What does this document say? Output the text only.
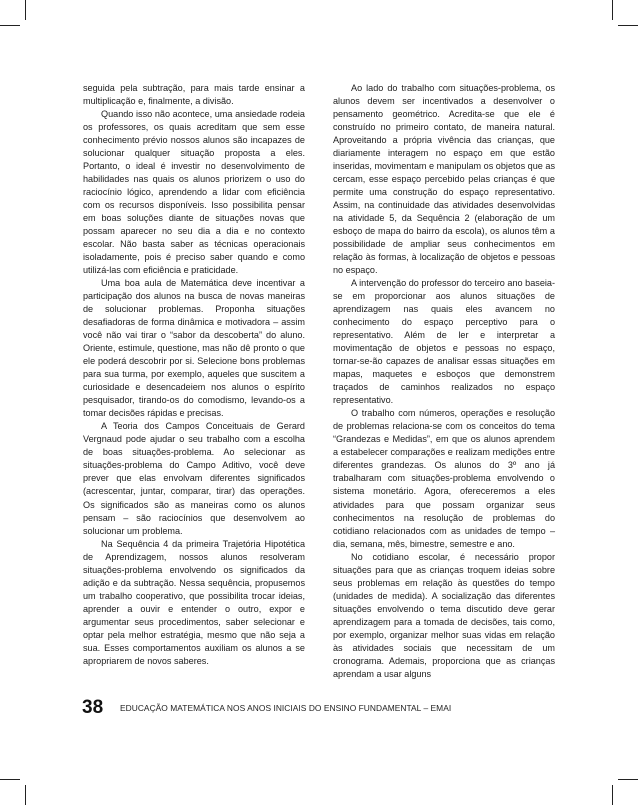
seguida pela subtração, para mais tarde ensinar a multiplicação e, finalmente, a divisão.

Quando isso não acontece, uma ansiedade rodeia os professores, os quais acreditam que sem esse conhecimento prévio nossos alunos são incapazes de solucionar qualquer situação proposta a eles. Portanto, o ideal é investir no desenvolvimento de habilidades nas quais os alunos priorizem o uso do raciocínio lógico, aprendendo a lidar com eficiência com os recursos disponíveis. Isso possibilita pensar em boas soluções diante de situações novas que possam aparecer no seu dia a dia e no contexto escolar. Não basta saber as técnicas operacionais isoladamente, pois é preciso saber quando e como utilizá-las com eficiência e praticidade.

Uma boa aula de Matemática deve incentivar a participação dos alunos na busca de novas maneiras de solucionar problemas. Proponha situações desafiadoras de forma dinâmica e motivadora – assim você não vai tirar o “sabor da descoberta” do aluno. Oriente, estimule, questione, mas não dê pronto o que ele poderá descobrir por si. Selecione bons problemas para sua turma, por exemplo, aqueles que suscitem a curiosidade e desencadeiem nos alunos o espírito pesquisador, tirando-os do comodismo, levando-os a tomar decisões rápidas e precisas.

A Teoria dos Campos Conceituais de Gerard Vergnaud pode ajudar o seu trabalho com a escolha de boas situações-problema. Ao selecionar as situações-problema do Campo Aditivo, você deve prever que elas envolvam diferentes significados (acrescentar, juntar, comparar, tirar) das operações. Os significados são as maneiras como os alunos pensam – são raciocínios que desenvolvem ao solucionar um problema.

Na Sequência 4 da primeira Trajetória Hipotética de Aprendizagem, nossos alunos resolveram situações-problema envolvendo os significados da adição e da subtração. Nessa sequência, propusemos um trabalho cooperativo, que possibilita trocar ideias, aprender a ouvir e entender o outro, expor e argumentar seus procedimentos, saber selecionar e optar pela melhor estratégia, mesmo que não seja a sua. Esses comportamentos auxiliam os alunos a se apropriarem de novos saberes.

Ao lado do trabalho com situações-problema, os alunos devem ser incentivados a desenvolver o pensamento geométrico. Acredita-se que ele é construído no primeiro contato, de maneira natural. Aproveitando a própria vivência das crianças, que diariamente interagem no espaço em que estão inseridas, movimentam e manipulam os objetos que as cercam, esse espaço percebido pelas crianças é que permite uma construção do espaço representativo. Assim, na continuidade das atividades desenvolvidas na atividade 5, da Sequência 2 (elaboração de um esboço de mapa do bairro da escola), os alunos têm a possibilidade de ampliar seus conhecimentos em relação às formas, à localização de objetos e pessoas no espaço.

A intervenção do professor do terceiro ano baseia-se em proporcionar aos alunos situações de aprendizagem nas quais eles avancem no conhecimento do espaço perceptivo para o representativo. Além de ler e interpretar a movimentação de objetos e pessoas no espaço, tornar-se-ão capazes de analisar essas situações em mapas, maquetes e esboços que demonstrem traçados de caminhos realizados no espaço representativo.

O trabalho com números, operações e resolução de problemas relaciona-se com os conceitos do tema “Grandezas e Medidas”, em que os alunos aprendem a estabelecer comparações e realizam medições entre diferentes grandezas. Os alunos do 3º ano já trabalharam com situações-problema envolvendo o sistema monetário. Agora, ofereceremos a eles atividades para que possam organizar seus conhecimentos na resolução de problemas do cotidiano relacionados com as unidades de tempo – dia, semana, mês, bimestre, semestre e ano.

No cotidiano escolar, é necessário propor situações para que as crianças troquem ideias sobre seus problemas em relação às questões do tempo (unidades de medida). A socialização das diferentes situações envolvendo o tema discutido deve gerar aprendizagem para a tomada de decisões, tais como, por exemplo, organizar melhor suas vidas em relação às atividades sociais que necessitam de um cronograma. Ademais, proporciona que as crianças aprendam a usar alguns

38 EDUCAÇÃO MATEMÁTICA NOS ANOS INICIAIS DO ENSINO FUNDAMENTAL – EMAI
